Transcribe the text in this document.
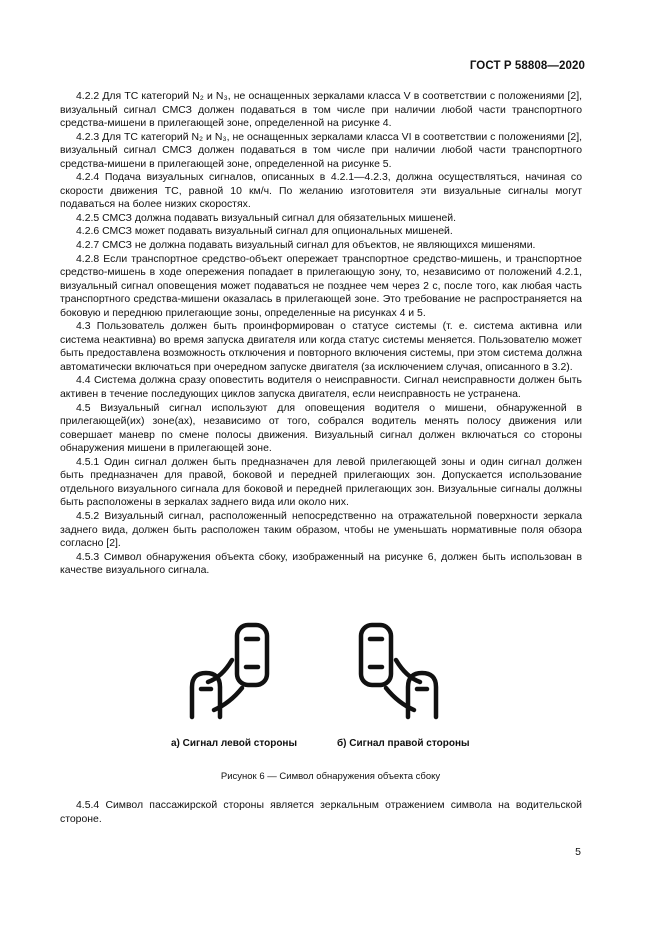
ГОСТ Р 58808—2020

4.2.2 Для ТС категорий N₂ и N₃, не оснащенных зеркалами класса V в соответствии с положениями [2], визуальный сигнал СМСЗ должен подаваться в том числе при наличии любой части транспортного средства-мишени в прилегающей зоне, определенной на рисунке 4.

4.2.3 Для ТС категорий N₂ и N₃, не оснащенных зеркалами класса VI в соответствии с положениями [2], визуальный сигнал СМСЗ должен подаваться в том числе при наличии любой части транспортного средства-мишени в прилегающей зоне, определенной на рисунке 5.

4.2.4 Подача визуальных сигналов, описанных в 4.2.1—4.2.3, должна осуществляться, начиная со скорости движения ТС, равной 10 км/ч. По желанию изготовителя эти визуальные сигналы могут подаваться на более низких скоростях.

4.2.5 СМСЗ должна подавать визуальный сигнал для обязательных мишеней.

4.2.6 СМСЗ может подавать визуальный сигнал для опциональных мишеней.

4.2.7 СМСЗ не должна подавать визуальный сигнал для объектов, не являющихся мишенями.

4.2.8 Если транспортное средство-объект опережает транспортное средство-мишень, и транспортное средство-мишень в ходе опережения попадает в прилегающую зону, то, независимо от положений 4.2.1, визуальный сигнал оповещения может подаваться не позднее чем через 2 с, после того, как любая часть транспортного средства-мишени оказалась в прилегающей зоне. Это требование не распространяется на боковую и переднюю прилегающие зоны, определенные на рисунках 4 и 5.

4.3 Пользователь должен быть проинформирован о статусе системы (т. е. система активна или система неактивна) во время запуска двигателя или когда статус системы меняется. Пользователю может быть предоставлена возможность отключения и повторного включения системы, при этом система должна автоматически включаться при очередном запуске двигателя (за исключением случая, описанного в 3.2).

4.4 Система должна сразу оповестить водителя о неисправности. Сигнал неисправности должен быть активен в течение последующих циклов запуска двигателя, если неисправность не устранена.

4.5 Визуальный сигнал используют для оповещения водителя о мишени, обнаруженной в прилегающей(их) зоне(ах), независимо от того, собрался водитель менять полосу движения или совершает маневр по смене полосы движения. Визуальный сигнал должен включаться со стороны обнаружения мишени в прилегающей зоне.

4.5.1 Один сигнал должен быть предназначен для левой прилегающей зоны и один сигнал должен быть предназначен для правой, боковой и передней прилегающих зон. Допускается использование отдельного визуального сигнала для боковой и передней прилегающих зон. Визуальные сигналы должны быть расположены в зеркалах заднего вида или около них.

4.5.2 Визуальный сигнал, расположенный непосредственно на отражательной поверхности зеркала заднего вида, должен быть расположен таким образом, чтобы не уменьшать нормативные поля обзора согласно [2].

4.5.3 Символ обнаружения объекта сбоку, изображенный на рисунке 6, должен быть использован в качестве визуального сигнала.

а) Сигнал левой стороны	б) Сигнал правой стороны
Рисунок 6 — Символ обнаружения объекта сбоку

4.5.4 Символ пассажирской стороны является зеркальным отражением символа на водительской стороне.

5
